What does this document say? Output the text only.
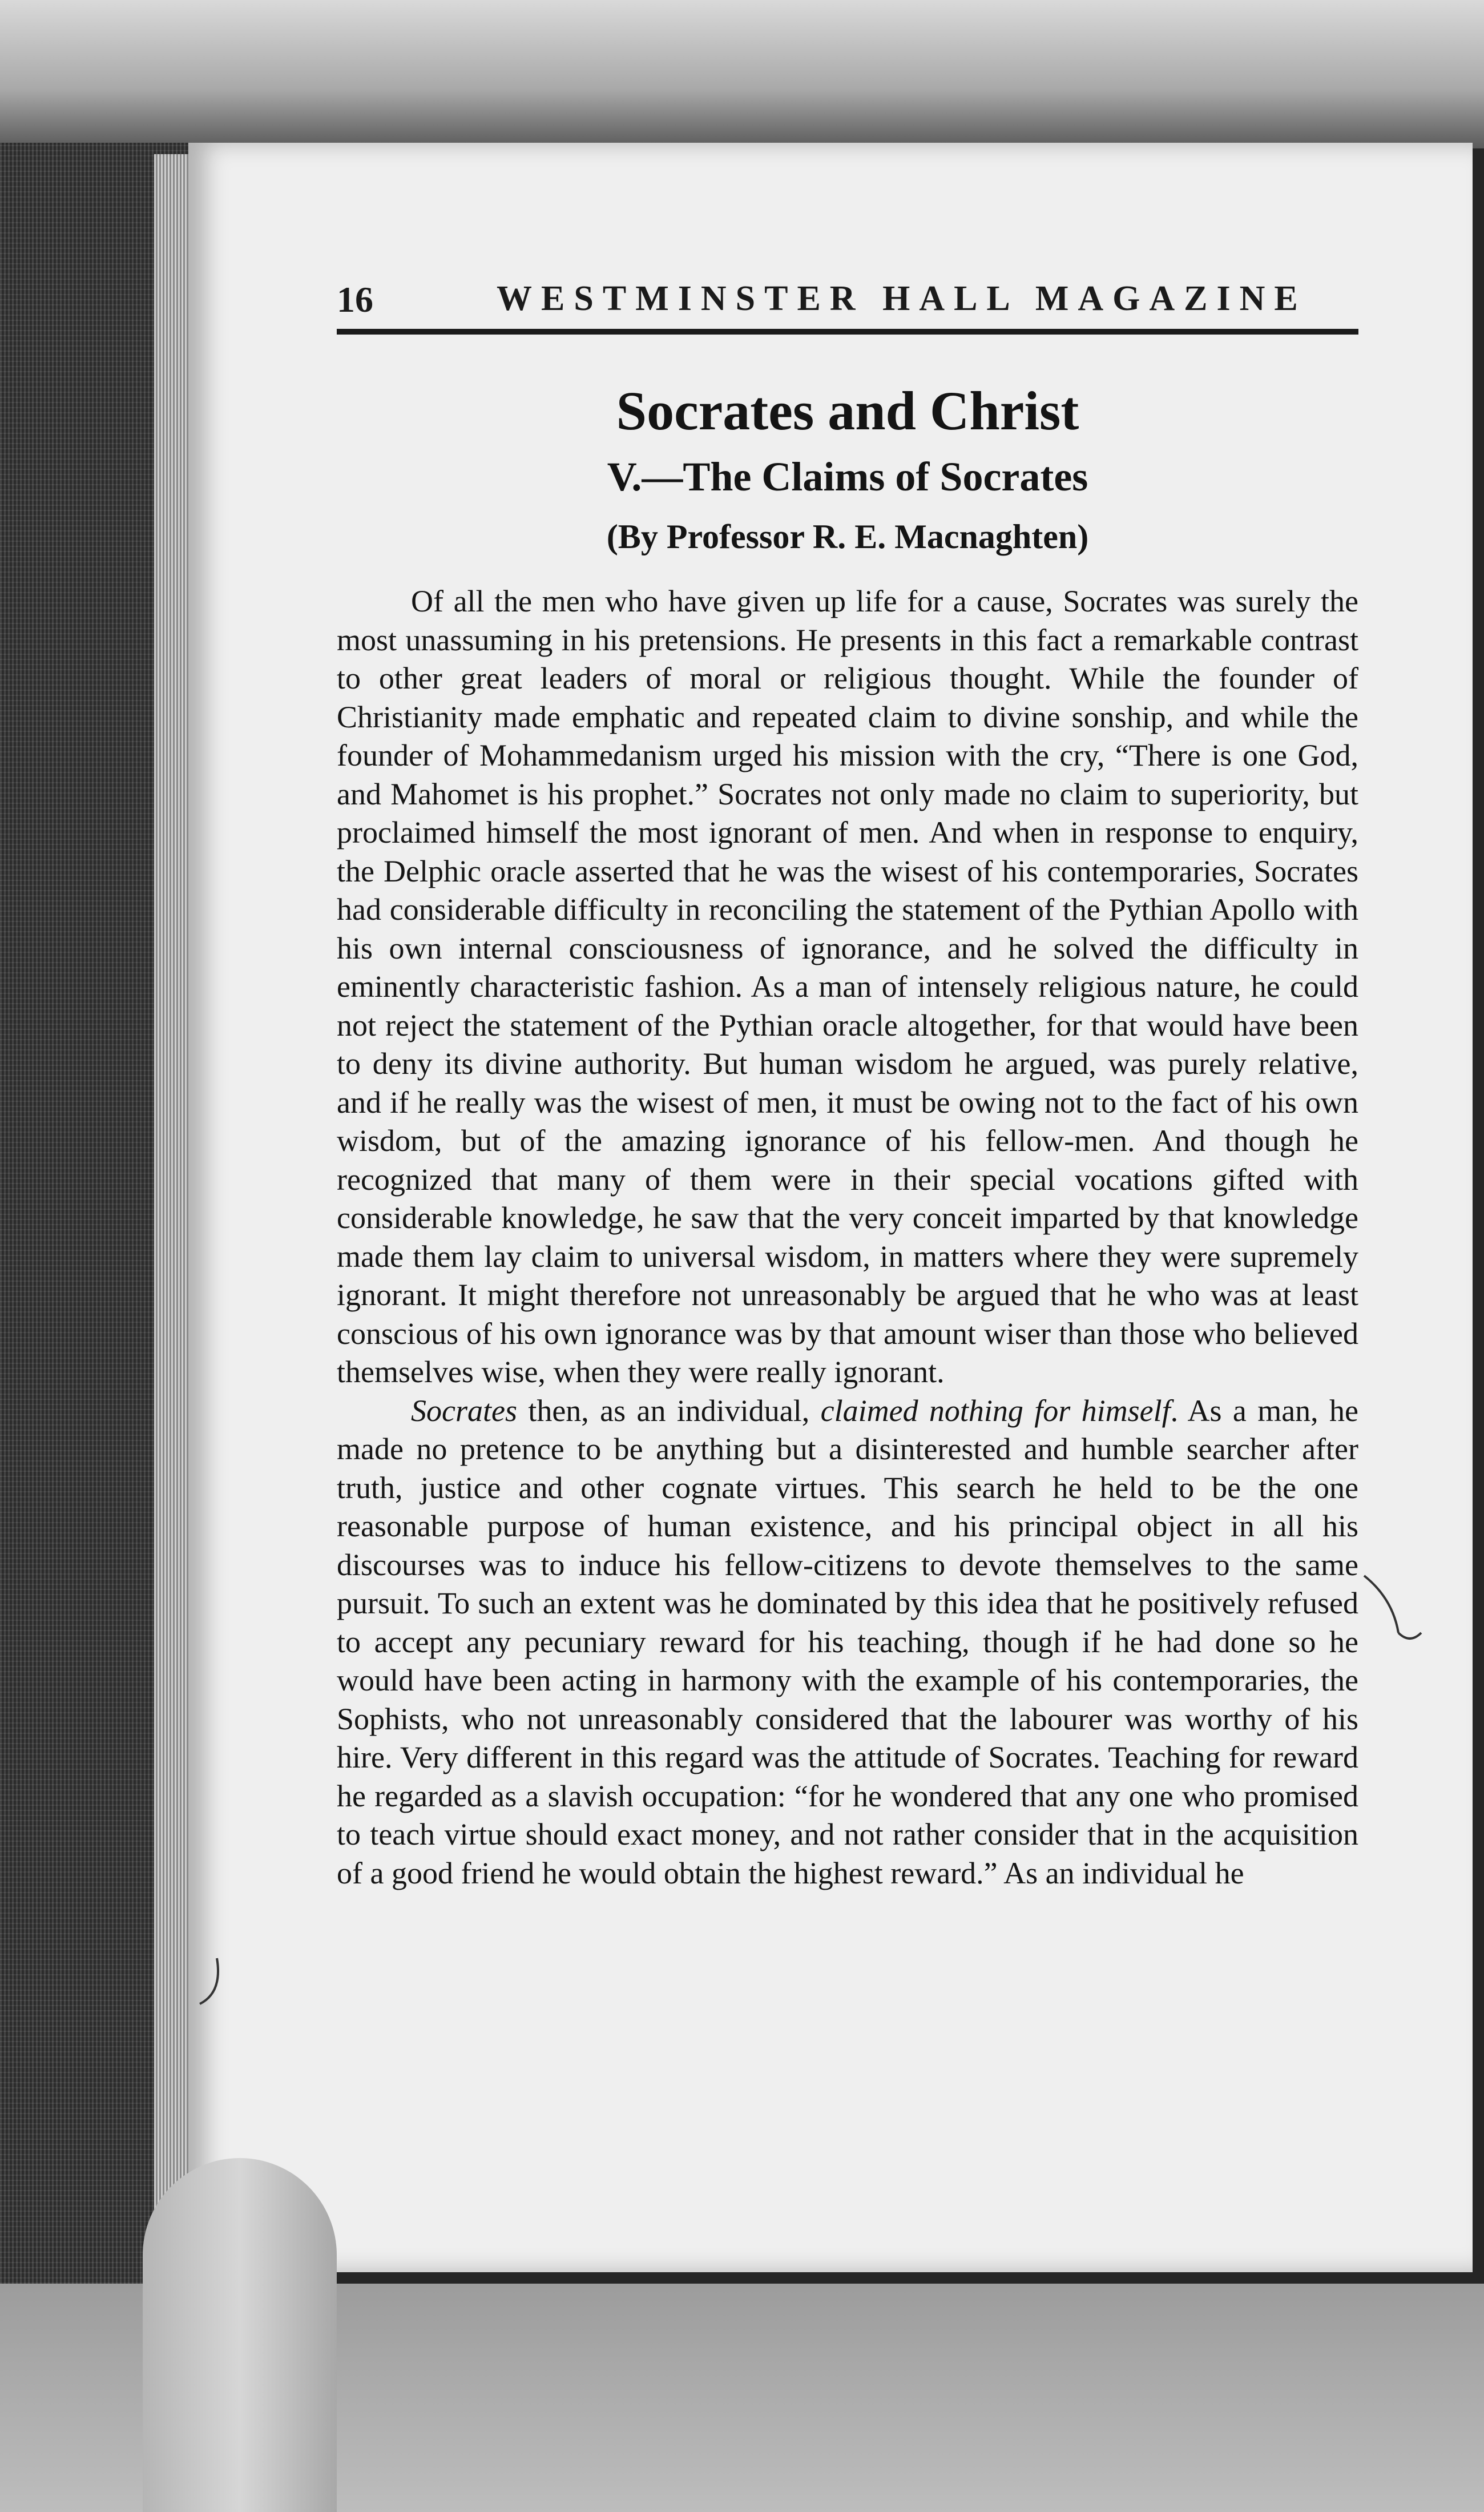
16	WESTMINSTER HALL MAGAZINE
Socrates and Christ
V.—The Claims of Socrates

(By Professor R. E. Macnaghten)

Of all the men who have given up life for a cause, Socrates was surely the most unassuming in his pretensions. He presents in this fact a remarkable contrast to other great leaders of moral or religious thought. While the founder of Christianity made emphatic and repeated claim to divine sonship, and while the founder of Mohammedanism urged his mission with the cry, “There is one God, and Mahomet is his prophet.” Socrates not only made no claim to superiority, but proclaimed himself the most ignorant of men. And when in response to enquiry, the Delphic oracle asserted that he was the wisest of his contemporaries, Socrates had considerable difficulty in reconciling the statement of the Pythian Apollo with his own internal consciousness of ignorance, and he solved the difficulty in eminently characteristic fashion. As a man of intensely religious nature, he could not reject the statement of the Pythian oracle altogether, for that would have been to deny its divine authority. But human wisdom he argued, was purely relative, and if he really was the wisest of men, it must be owing not to the fact of his own wisdom, but of the amazing ignorance of his fellow-men. And though he recognized that many of them were in their special vocations gifted with considerable knowledge, he saw that the very conceit imparted by that knowledge made them lay claim to universal wisdom, in matters where they were supremely ignorant. It might therefore not unreasonably be argued that he who was at least conscious of his own ignorance was by that amount wiser than those who believed themselves wise, when they were really ignorant.

Socrates then, as an individual, claimed nothing for himself. As a man, he made no pretence to be anything but a disinterested and humble searcher after truth, justice and other cognate virtues. This search he held to be the one reasonable purpose of human existence, and his principal object in all his discourses was to induce his fellow-citizens to devote themselves to the same pursuit. To such an extent was he dominated by this idea that he positively refused to accept any pecuniary reward for his teaching, though if he had done so he would have been acting in harmony with the example of his contemporaries, the Sophists, who not unreasonably considered that the labourer was worthy of his hire. Very different in this regard was the attitude of Socrates. Teaching for reward he regarded as a slavish occupation: “for he wondered that any one who promised to teach virtue should exact money, and not rather consider that in the acquisition of a good friend he would obtain the highest reward.” As an individual he
